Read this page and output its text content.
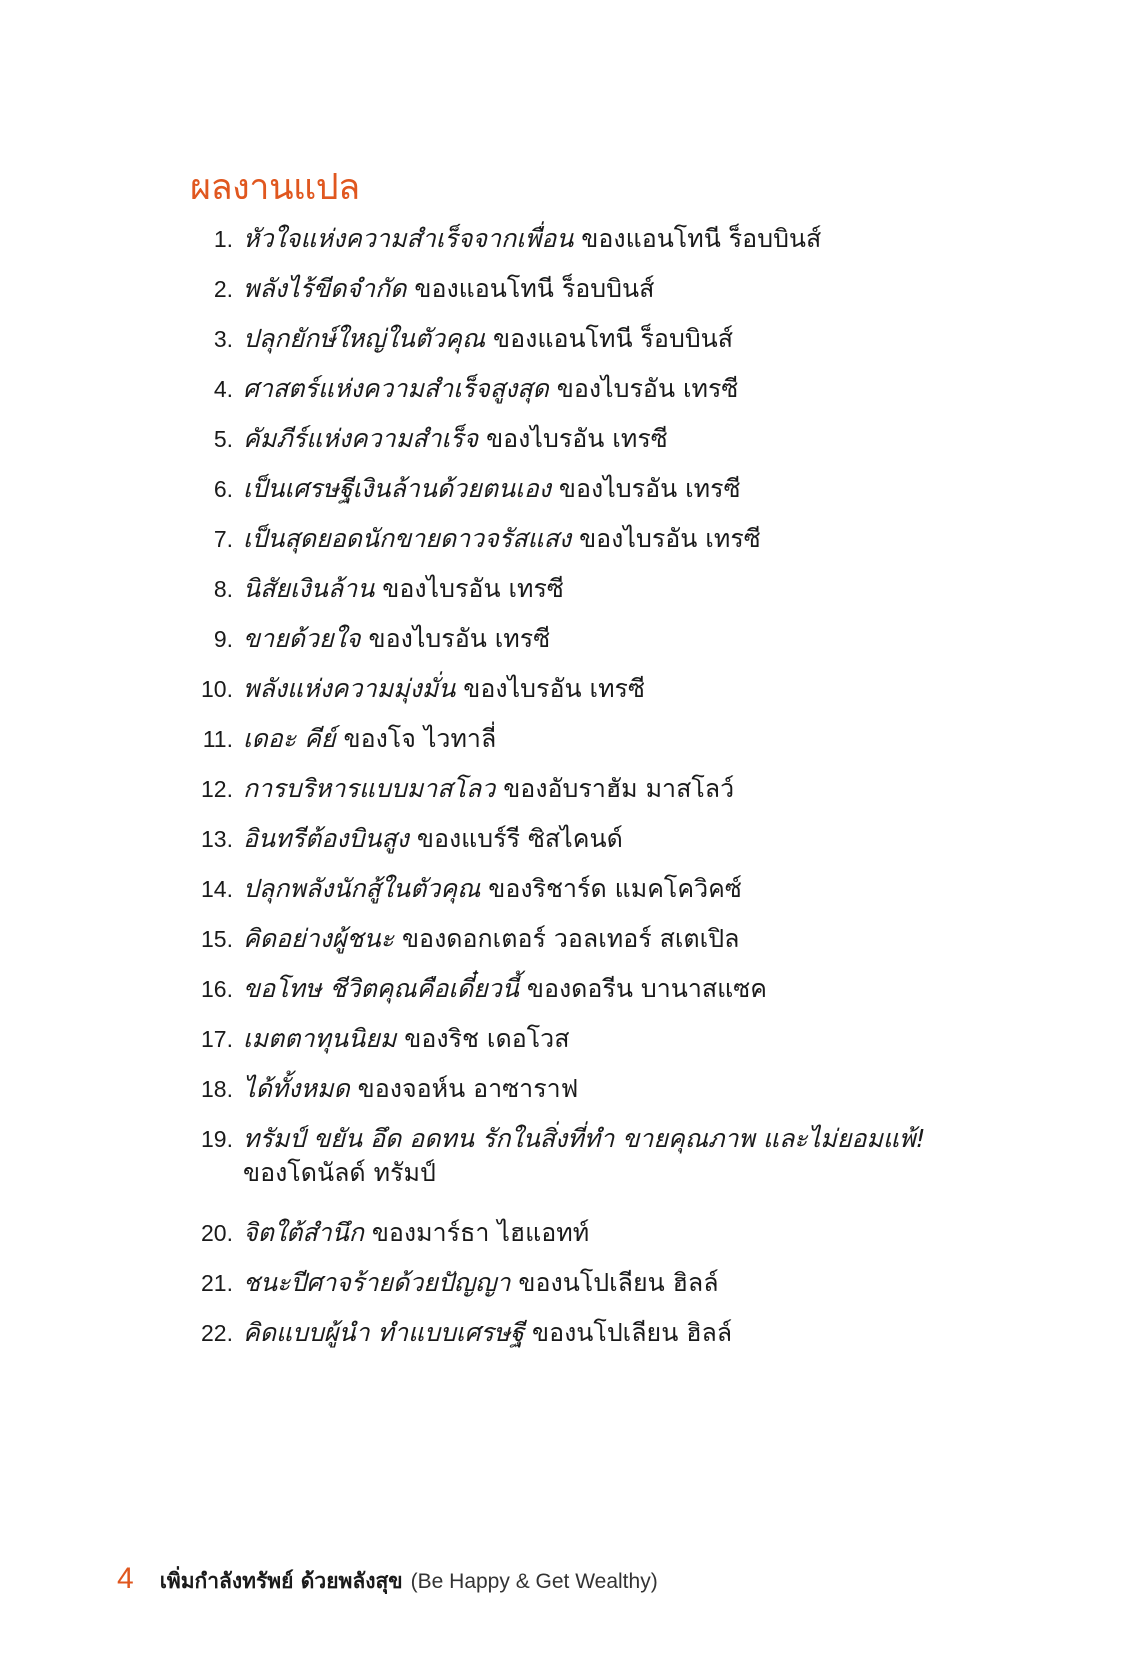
ผลงานแปล
1. หัวใจแห่งความสำเร็จจากเพื่อน ของแอนโทนี ร็อบบินส์
2. พลังไร้ขีดจำกัด ของแอนโทนี ร็อบบินส์
3. ปลุกยักษ์ใหญ่ในตัวคุณ ของแอนโทนี ร็อบบินส์
4. ศาสตร์แห่งความสำเร็จสูงสุด ของไบรอัน เทรซี
5. คัมภีร์แห่งความสำเร็จ ของไบรอัน เทรซี
6. เป็นเศรษฐีเงินล้านด้วยตนเอง ของไบรอัน เทรซี
7. เป็นสุดยอดนักขายดาวจรัสแสง ของไบรอัน เทรซี
8. นิสัยเงินล้าน ของไบรอัน เทรซี
9. ขายด้วยใจ ของไบรอัน เทรซี
10. พลังแห่งความมุ่งมั่น ของไบรอัน เทรซี
11. เดอะ คีย์ ของโจ ไวทาลี่
12. การบริหารแบบมาสโลว ของอับราฮัม มาสโลว์
13. อินทรีต้องบินสูง ของแบร์รี ซิสไคนด์
14. ปลุกพลังนักสู้ในตัวคุณ ของริชาร์ด แมคโควิคซ์
15. คิดอย่างผู้ชนะ ของดอกเตอร์ วอลเทอร์ สเตเปิล
16. ขอโทษ ชีวิตคุณคือเดี๋ยวนี้ ของดอรีน บานาสแซค
17. เมตตาทุนนิยม ของริช เดอโวส
18. ได้ทั้งหมด ของจอห์น อาซาราฟ
19. ทรัมป์ ขยัน อึด อดทน รักในสิ่งที่ทำ ขายคุณภาพ และไม่ยอมแพ้!
ของโดนัลด์ ทรัมป์
20. จิตใต้สำนึก ของมาร์ธา ไฮแอทท์
21. ชนะปีศาจร้ายด้วยปัญญา ของนโปเลียน ฮิลล์
22. คิดแบบผู้นำ ทำแบบเศรษฐี ของนโปเลียน ฮิลล์
4 เพิ่มกำลังทรัพย์ ด้วยพลังสุข (Be Happy & Get Wealthy)
